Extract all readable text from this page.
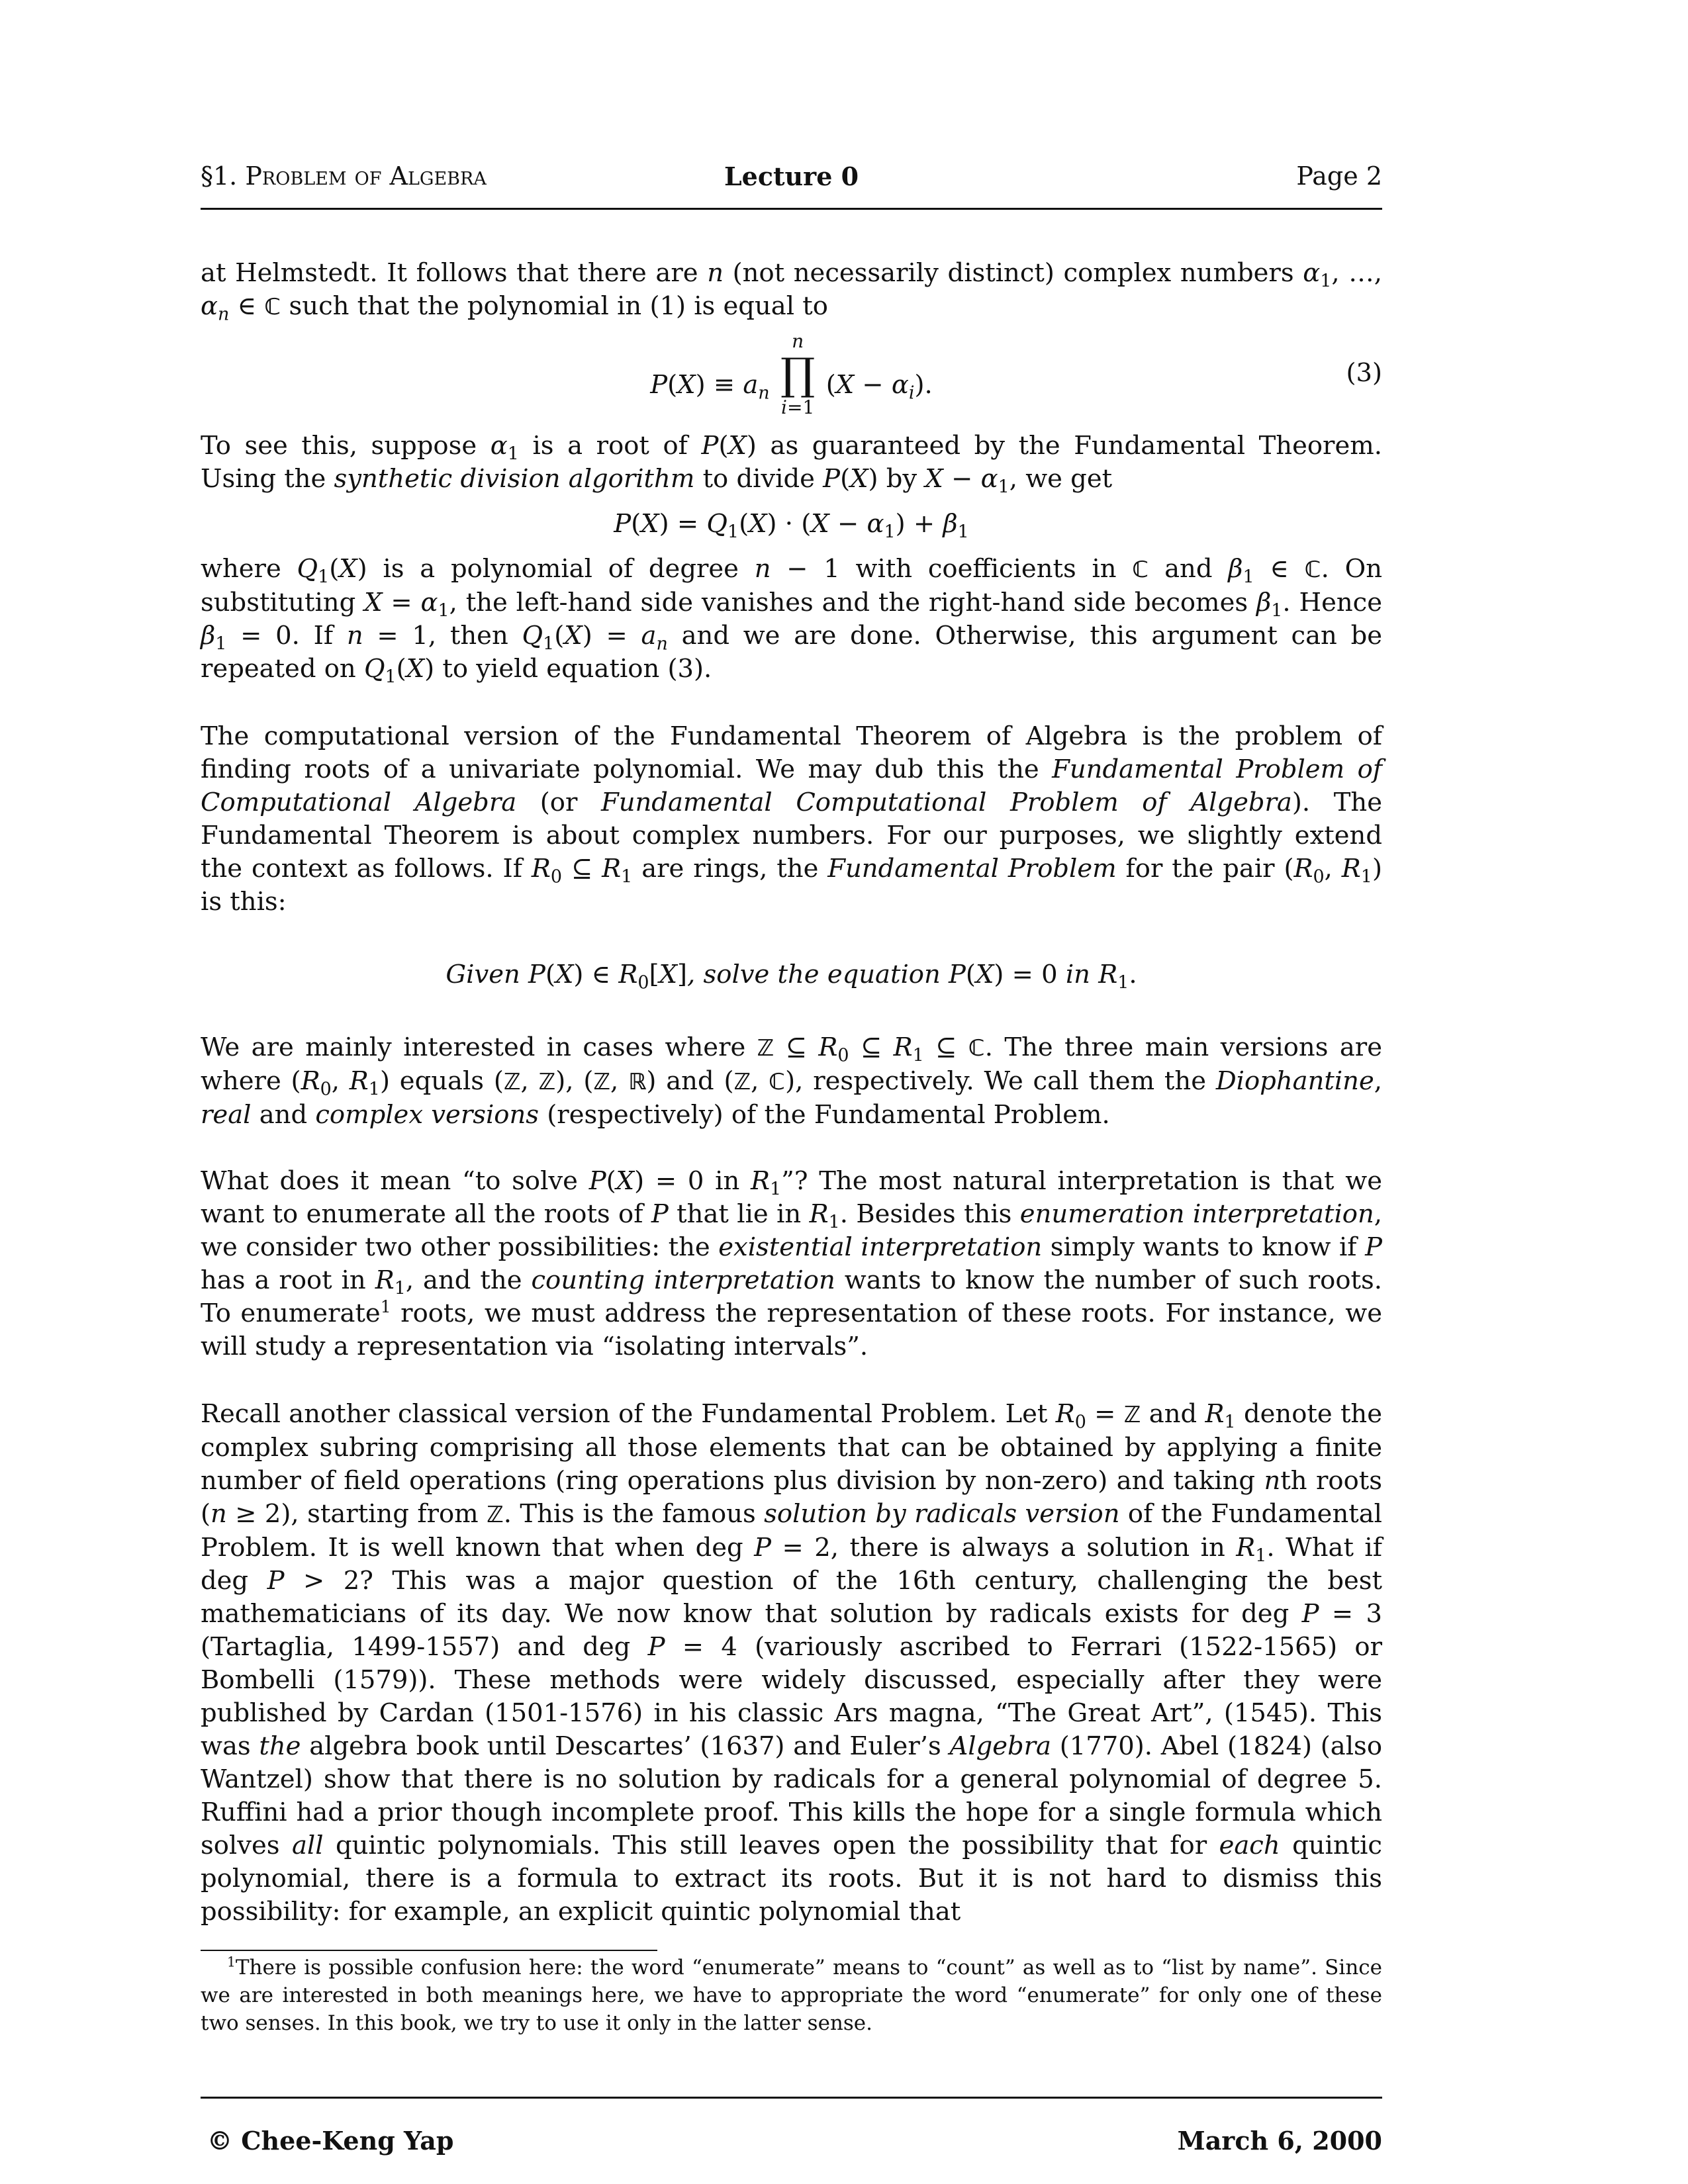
§1. Problem of Algebra	Lecture 0	Page 2

at Helmstedt. It follows that there are n (not necessarily distinct) complex numbers $\alpha_1$, …, $\alpha_n$ ∈ ℂ such that the polynomial in (1) is equal to

$P(X) \equiv a_n$
n
∏
i=1
$(X - \alpha_i)$.	(3)

To see this, suppose $\alpha_1$ is a root of P(X) as guaranteed by the Fundamental Theorem. Using the synthetic division algorithm to divide P(X) by $X - \alpha_1$, we get

$P(X) = Q_1(X) \cdot (X - \alpha_1) + \beta_1$

where $Q_1(X)$ is a polynomial of degree n − 1 with coefficients in ℂ and $\beta_1$ ∈ ℂ. On substituting $X = \alpha_1$, the left-hand side vanishes and the right-hand side becomes $\beta_1$. Hence $\beta_1 = 0$. If n = 1, then $Q_1(X) = a_n$ and we are done. Otherwise, this argument can be repeated on $Q_1(X)$ to yield equation (3).

The computational version of the Fundamental Theorem of Algebra is the problem of finding roots of a univariate polynomial. We may dub this the Fundamental Problem of Computational Algebra (or Fundamental Computational Problem of Algebra). The Fundamental Theorem is about complex numbers. For our purposes, we slightly extend the context as follows. If $R_0$ ⊆ $R_1$ are rings, the Fundamental Problem for the pair ($R_0$, $R_1$) is this:

Given P(X) ∈ $R_0[X]$, solve the equation P(X) = 0 in $R_1$.

We are mainly interested in cases where ℤ ⊆ $R_0$ ⊆ $R_1$ ⊆ ℂ. The three main versions are where ($R_0$, $R_1$) equals (ℤ, ℤ), (ℤ, ℝ) and (ℤ, ℂ), respectively. We call them the Diophantine, real and complex versions (respectively) of the Fundamental Problem.

What does it mean “to solve P(X) = 0 in $R_1$”? The most natural interpretation is that we want to enumerate all the roots of P that lie in $R_1$. Besides this enumeration interpretation, we consider two other possibilities: the existential interpretation simply wants to know if P has a root in $R_1$, and the counting interpretation wants to know the number of such roots. To enumerate$^1$ roots, we must address the representation of these roots. For instance, we will study a representation via “isolating intervals”.

Recall another classical version of the Fundamental Problem. Let $R_0$ = ℤ and $R_1$ denote the complex subring comprising all those elements that can be obtained by applying a finite number of field operations (ring operations plus division by non-zero) and taking nth roots (n ≥ 2), starting from ℤ. This is the famous solution by radicals version of the Fundamental Problem. It is well known that when deg P = 2, there is always a solution in $R_1$. What if deg P > 2? This was a major question of the 16th century, challenging the best mathematicians of its day. We now know that solution by radicals exists for deg P = 3 (Tartaglia, 1499-1557) and deg P = 4 (variously ascribed to Ferrari (1522-1565) or Bombelli (1579)). These methods were widely discussed, especially after they were published by Cardan (1501-1576) in his classic Ars magna, “The Great Art”, (1545). This was the algebra book until Descartes’ (1637) and Euler’s Algebra (1770). Abel (1824) (also Wantzel) show that there is no solution by radicals for a general polynomial of degree 5. Ruffini had a prior though incomplete proof. This kills the hope for a single formula which solves all quintic polynomials. This still leaves open the possibility that for each quintic polynomial, there is a formula to extract its roots. But it is not hard to dismiss this possibility: for example, an explicit quintic polynomial that

$^1$There is possible confusion here: the word “enumerate” means to “count” as well as to “list by name”. Since we are interested in both meanings here, we have to appropriate the word “enumerate” for only one of these two senses. In this book, we try to use it only in the latter sense.
© Chee-Keng Yap	March 6, 2000
